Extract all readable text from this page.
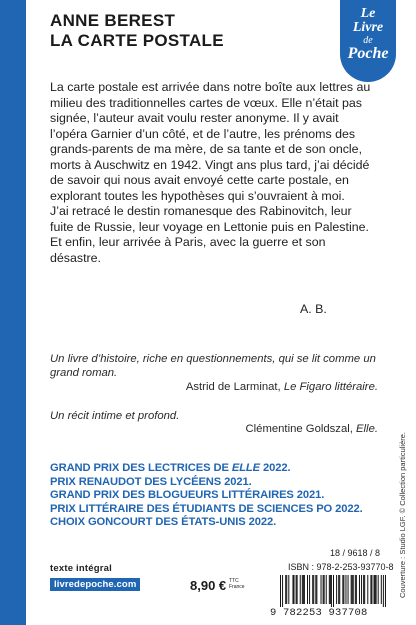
ANNE BEREST
LA CARTE POSTALE
Le
Livre
de
Poche

La carte postale est arrivée dans notre boîte aux lettres au milieu des traditionnelles cartes de vœux. Elle n’était pas signée, l’auteur avait voulu rester anonyme. Il y avait l’opéra Garnier d’un côté, et de l’autre, les prénoms des grands-parents de ma mère, de sa tante et de son oncle, morts à Auschwitz en 1942. Vingt ans plus tard, j’ai décidé de savoir qui nous avait envoyé cette carte postale, en explorant toutes les hypothèses qui s’ouvraient à moi.

J’ai retracé le destin romanesque des Rabinovitch, leur fuite de Russie, leur voyage en Lettonie puis en Palestine. Et enfin, leur arrivée à Paris, avec la guerre et son désastre.

A. B.
Un livre d’histoire, riche en questionnements, qui se lit comme un grand roman.
Astrid de Larminat, Le Figaro littéraire.
Un récit intime et profond.
Clémentine Goldszal, Elle.
GRAND PRIX DES LECTRICES DE ELLE 2022.
PRIX RENAUDOT DES LYCÉENS 2021.
GRAND PRIX DES BLOGUEURS LITTÉRAIRES 2021.
PRIX LITTÉRAIRE DES ÉTUDIANTS DE SCIENCES PO 2022.
CHOIX GONCOURT DES ÉTATS-UNIS 2022.
18 / 9618 / 8
ISBN : 978-2-253-93770-8
texte intégral
livredepoche.com	8,90 € TTC
France
9 782253 937708
Couverture : Studio LGF. © Collection particulière.
